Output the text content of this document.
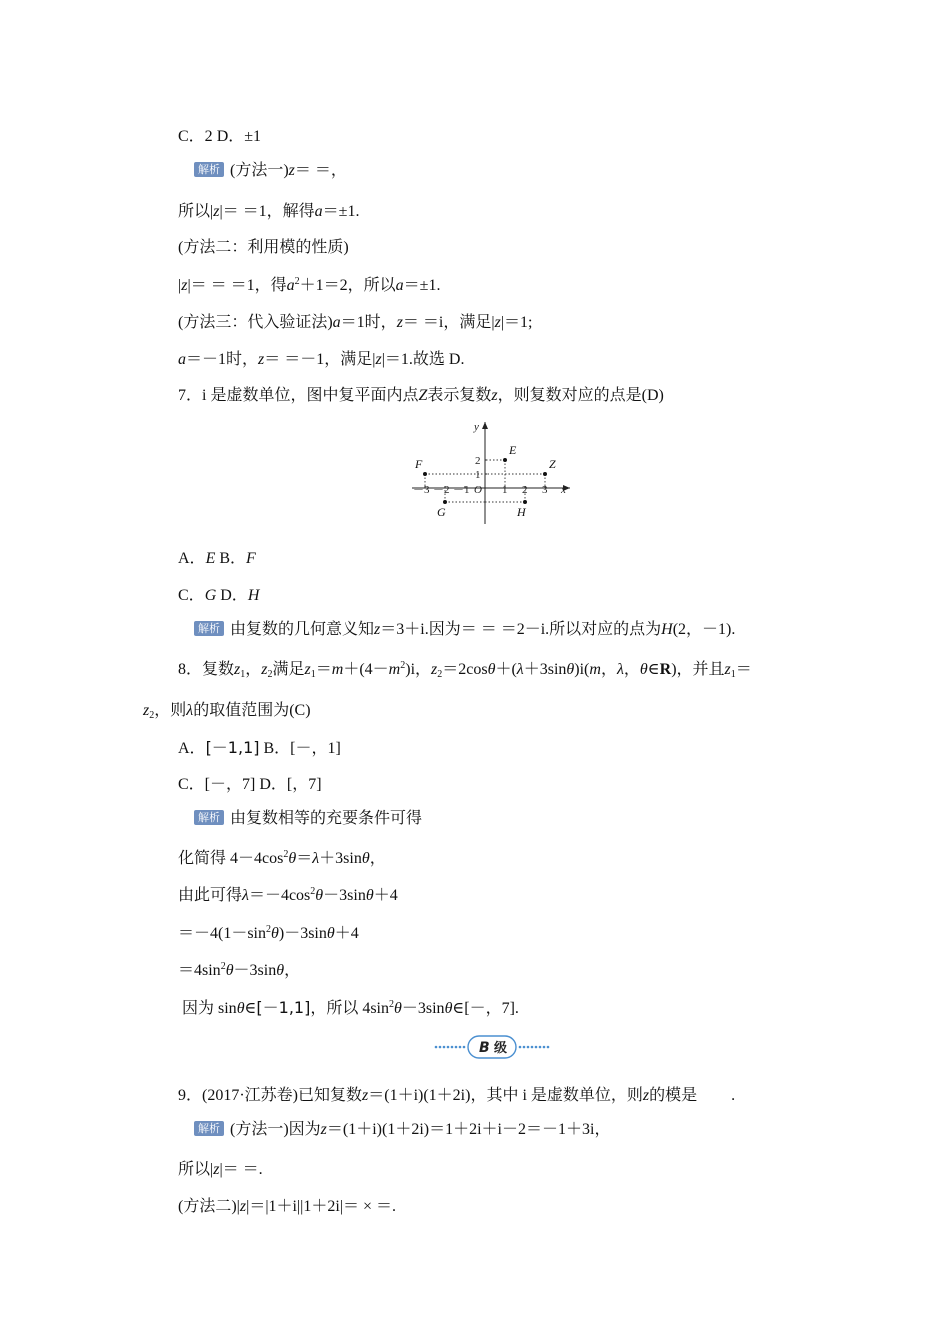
C．2 D．±1
解析 (方法一)z＝ ＝，
所以|z|＝ ＝1，解得a＝±1.
(方法二：利用模的性质)
|z|＝ ＝ ＝1，得$a^2+1=2$，所以a＝±1.
(方法三：代入验证法)a＝1时，z＝ ＝i，满足|z|＝1;
a＝－1时，z＝ ＝－1，满足|z|＝1.故选 D.
7．i 是虚数单位，图中复平面内点Z表示复数z，则复数对应的点是(D)
－3 －2 －1	1 2 3
2
1
F
E
Z
G	H
y
x
O
A．E B．F
C．G D．H
解析 由复数的几何意义知z＝3＋i.因为＝ ＝ ＝2－i.所以对应的点为H(2，－1).
8．复数$z_1$，$z_2$满足$z_1=m+(4-m^2)i$，$z_2=2\cos\theta+(\lambda+3\sin\theta)i(m$，λ，θ∈R)，并且$z_1=$
$z_2$，则λ的取值范围为(C)
A．[－1,1] B．[－，1]
C．[－，7] D．[，7]
解析 由复数相等的充要条件可得
化简得 $4-4\cos^2\theta=\lambda+3\sin\theta$，
由此可得$\lambda=-4\cos^2\theta-3\sin\theta+4$
$=-4(1-\sin^2\theta)-3\sin\theta+4$
$=4\sin^2\theta-3\sin\theta$，
因为 sinθ∈[－1,1]，所以 $4\sin^2\theta-3\sin\theta\in[-$，7].
B 级
9．(2017·江苏卷)已知复数z＝(1＋i)(1＋2i)，其中 i 是虚数单位，则z的模是 .
解析 (方法一)因为z＝(1＋i)(1＋2i)＝1＋2i＋i－2＝－1＋3i，
所以|z|＝ ＝.
(方法二)|z|＝|1＋i||1＋2i|＝ × ＝.
